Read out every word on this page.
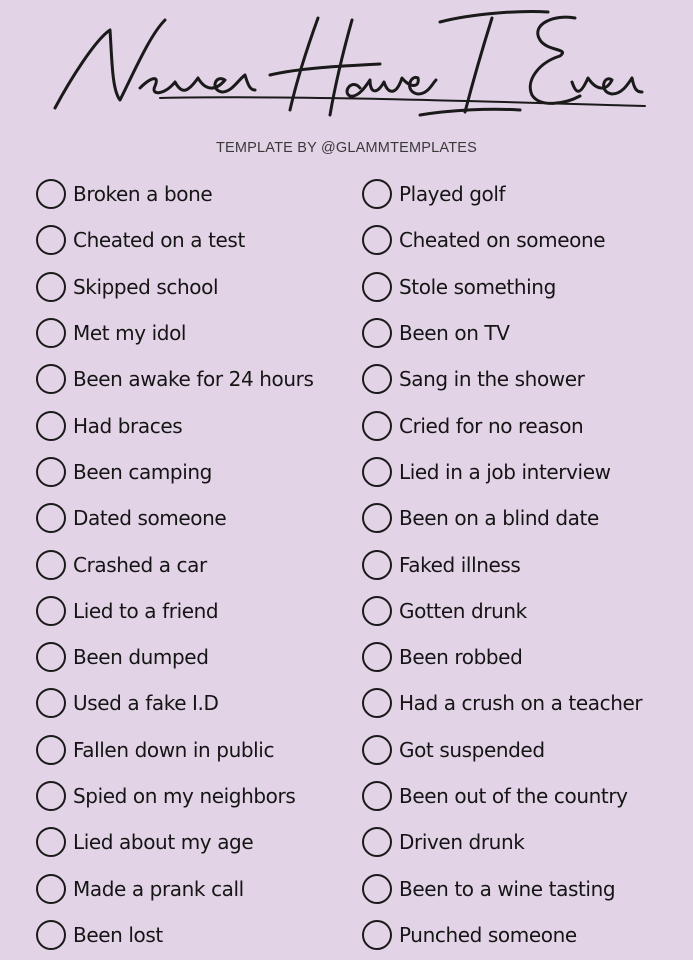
TEMPLATE BY @GLAMMTEMPLATES
Broken a bone
Cheated on a test
Skipped school
Met my idol
Been awake for 24 hours
Had braces
Been camping
Dated someone
Crashed a car
Lied to a friend
Been dumped
Used a fake I.D
Fallen down in public
Spied on my neighbors
Lied about my age
Made a prank call
Been lost
Played golf
Cheated on someone
Stole something
Been on TV
Sang in the shower
Cried for no reason
Lied in a job interview
Been on a blind date
Faked illness
Gotten drunk
Been robbed
Had a crush on a teacher
Got suspended
Been out of the country
Driven drunk
Been to a wine tasting
Punched someone
